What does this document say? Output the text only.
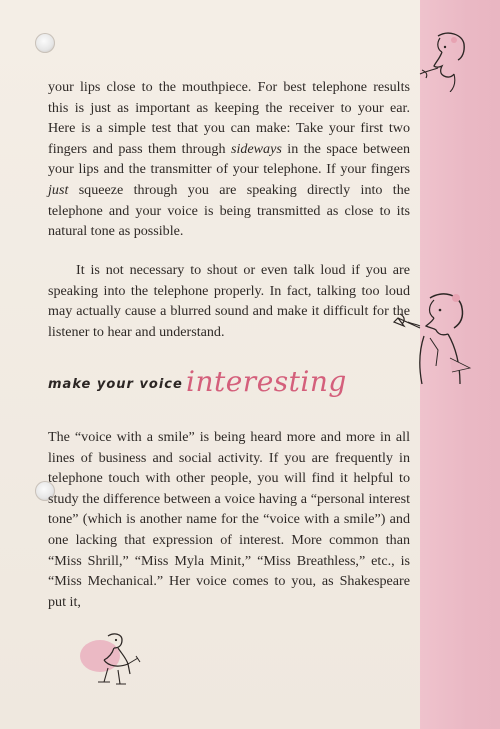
your lips close to the mouthpiece. For best telephone results this is just as important as keeping the receiver to your ear. Here is a simple test that you can make: Take your first two fingers and pass them through sideways in the space between your lips and the transmitter of your telephone. If your fingers just squeeze through you are speaking directly into the telephone and your voice is being transmitted as close to its natural tone as possible.

It is not necessary to shout or even talk loud if you are speaking into the telephone properly. In fact, talking too loud may actually cause a blurred sound and make it difficult for the listener to hear and understand.

make your voice interesting

The “voice with a smile” is being heard more and more in all lines of business and social activity. If you are frequently in telephone touch with other people, you will find it helpful to study the difference between a voice having a “personal interest tone” (which is another name for the “voice with a smile”) and one lacking that expression of interest. More common than “Miss Shrill,” “Miss Myla Minit,” “Miss Breathless,” etc., is “Miss Mechanical.” Her voice comes to you, as Shakespeare put it,
